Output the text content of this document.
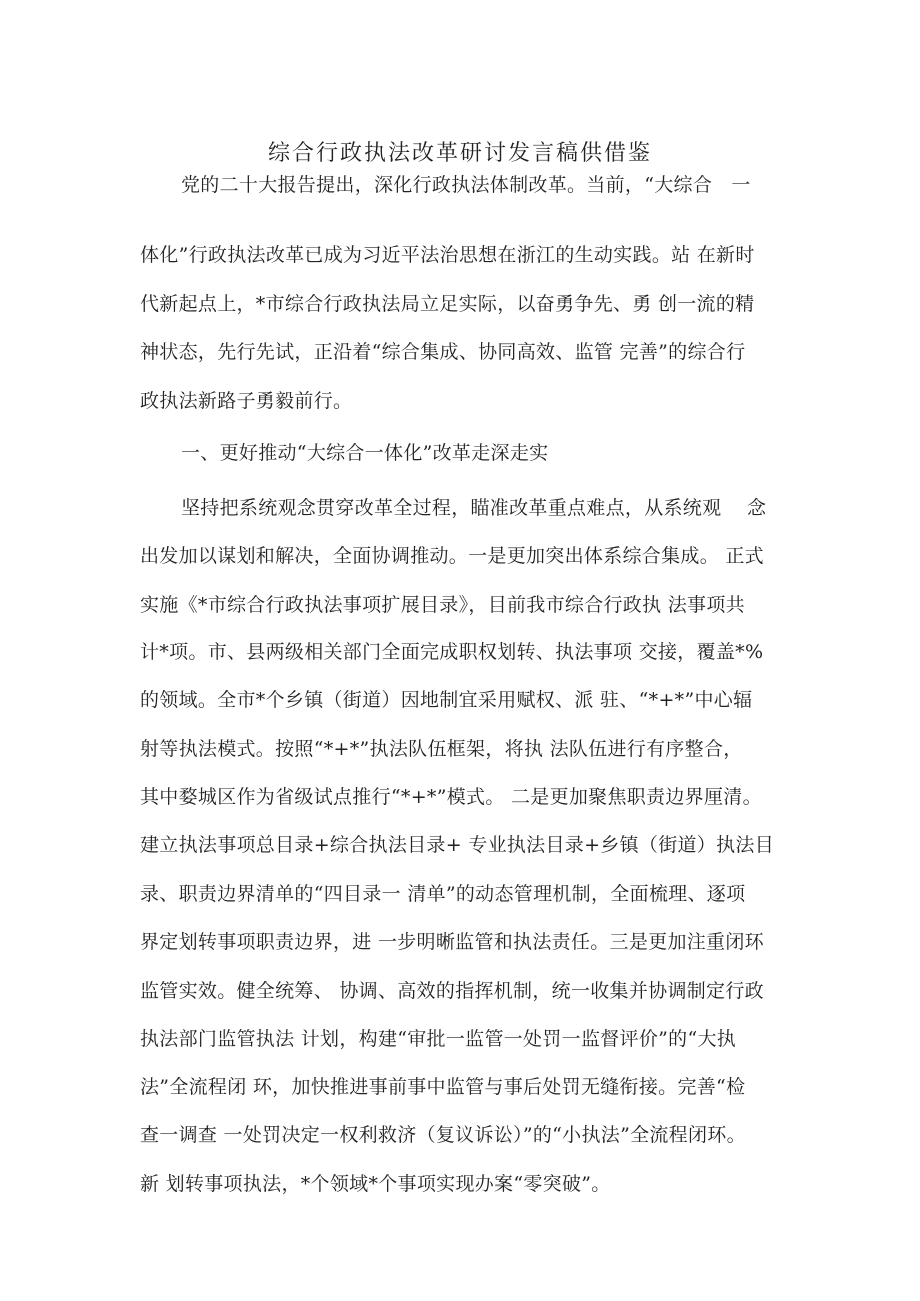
综合行政执法改革研讨发言稿供借鉴

党的二十大报告提出，深化行政执法体制改革。当前，“大综合　一

体化”行政执法改革已成为习近平法治思想在浙江的生动实践。站 在新时

代新起点上，*市综合行政执法局立足实际，以奋勇争先、勇 创一流的精

神状态，先行先试，正沿着“综合集成、协同高效、监管 完善”的综合行

政执法新路子勇毅前行。

一、更好推动“大综合一体化”改革走深走实

坚持把系统观念贯穿改革全过程，瞄准改革重点难点，从系统观　 念

出发加以谋划和解决，全面协调推动。一是更加突出体系综合集成。 正式

实施《*市综合行政执法事项扩展目录》，目前我市综合行政执 法事项共

计*项。市、县两级相关部门全面完成职权划转、执法事项 交接，覆盖*%

的领域。全市*个乡镇（街道）因地制宜采用赋权、派 驻、“*+*”中心辐

射等执法模式。按照“*+*”执法队伍框架，将执 法队伍进行有序整合，

其中婺城区作为省级试点推行“*+*”模式。 二是更加聚焦职责边界厘清。

建立执法事项总目录+综合执法目录+ 专业执法目录+乡镇（街道）执法目

录、职责边界清单的“四目录一 清单”的动态管理机制，全面梳理、逐项

界定划转事项职责边界，进 一步明晰监管和执法责任。三是更加注重闭环

监管实效。健全统筹、 协调、高效的指挥机制，统一收集并协调制定行政

执法部门监管执法 计划，构建“审批一监管一处罚一监督评价”的“大执

法”全流程闭 环，加快推进事前事中监管与事后处罚无缝衔接。完善“检

查一调查 一处罚决定一权利救济（复议诉讼）”的“小执法”全流程闭环。

新 划转事项执法，*个领域*个事项实现办案“零突破”。
